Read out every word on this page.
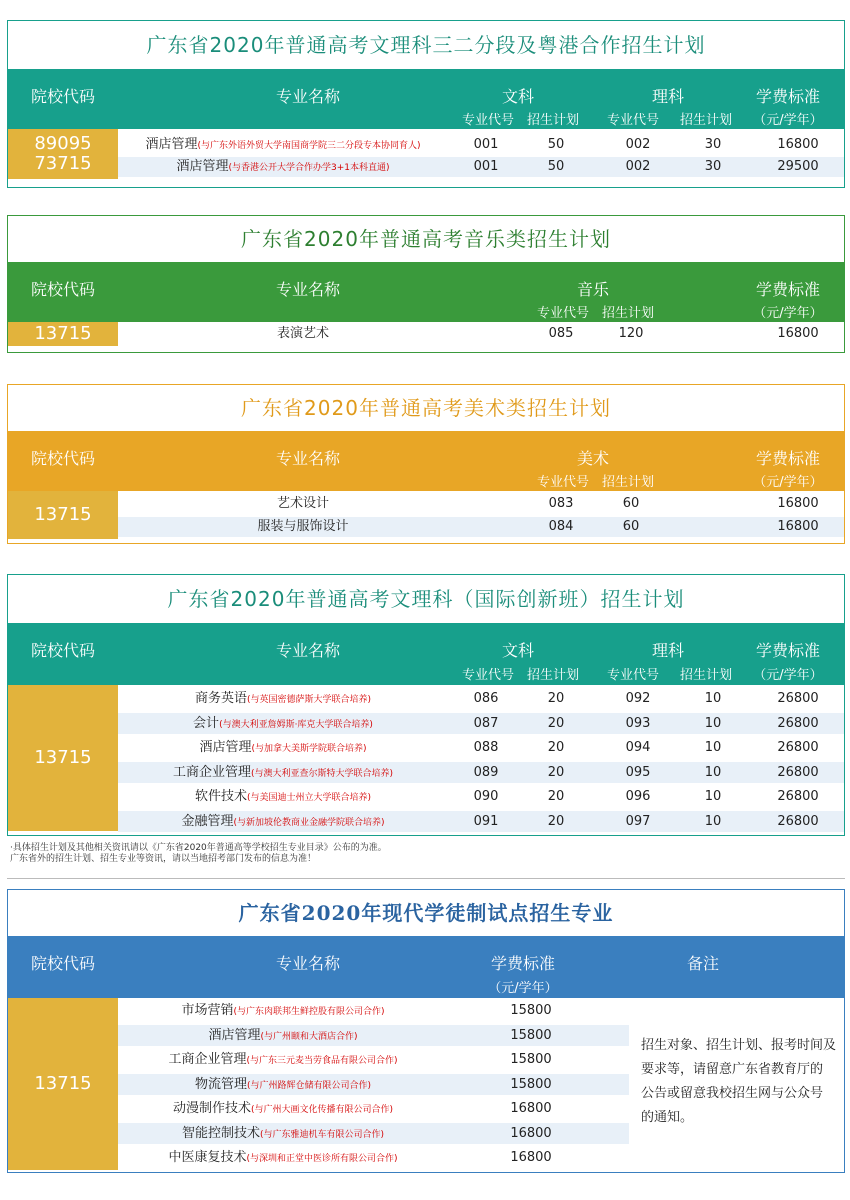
广东省2020年普通高考文理科三二分段及粤港合作招生计划
院校代码	专业名称	文科	理科	学费标准
专业代号 招生计划	专业代号	招生计划	（元/学年）
89095
73715
酒店管理(与广东外语外贸大学南国商学院三二分段专本协同育人)	001	50	002	30	16800
酒店管理(与香港公开大学合作办学3+1本科直通)	001	50	002	30	29500
广东省2020年普通高考音乐类招生计划
院校代码	专业名称	音乐	学费标准
专业代号 招生计划	（元/学年）
13715	表演艺术	085	120	16800
广东省2020年普通高考美术类招生计划
院校代码	专业名称	美术	学费标准
专业代号 招生计划	（元/学年）
13715
艺术设计	083	60	16800
服装与服饰设计	084	60	16800
广东省2020年普通高考文理科（国际创新班）招生计划
院校代码	专业名称	文科	理科	学费标准
专业代号 招生计划	专业代号	招生计划	（元/学年）
13715
商务英语(与英国密德萨斯大学联合培养)	086	20	092	10	26800
会计(与澳大利亚詹姆斯·库克大学联合培养)	087	20	093	10	26800
酒店管理(与加拿大美斯学院联合培养)	088	20	094	10	26800
工商企业管理(与澳大利亚查尔斯特大学联合培养)	089	20	095	10	26800
软件技术(与美国迪士州立大学联合培养)	090	20	096	10	26800
金融管理(与新加坡伦教商业金融学院联合培养)	091	20	097	10	26800
·具体招生计划及其他相关资讯请以《广东省2020年普通高等学校招生专业目录》公布的为准。
广东省外的招生计划、招生专业等资讯，请以当地招考部门发布的信息为准！
广东省2020年现代学徒制试点招生专业
院校代码	专业名称	学费标准
（元/学年）
备注
13715
招生对象、招生计划、报考时间及
要求等，请留意广东省教育厅的
公告或留意我校招生网与公众号
的通知。
市场营销(与广东肉联邦生鲜控股有限公司合作)	15800
酒店管理(与广州颐和大酒店合作)	15800
工商企业管理(与广东三元麦当劳食品有限公司合作)	15800
物流管理(与广州路辉仓储有限公司合作)	15800
动漫制作技术(与广州大画文化传播有限公司合作)	16800
智能控制技术(与广东雅迪机车有限公司合作)	16800
中医康复技术(与深圳和正堂中医诊所有限公司合作)	16800
